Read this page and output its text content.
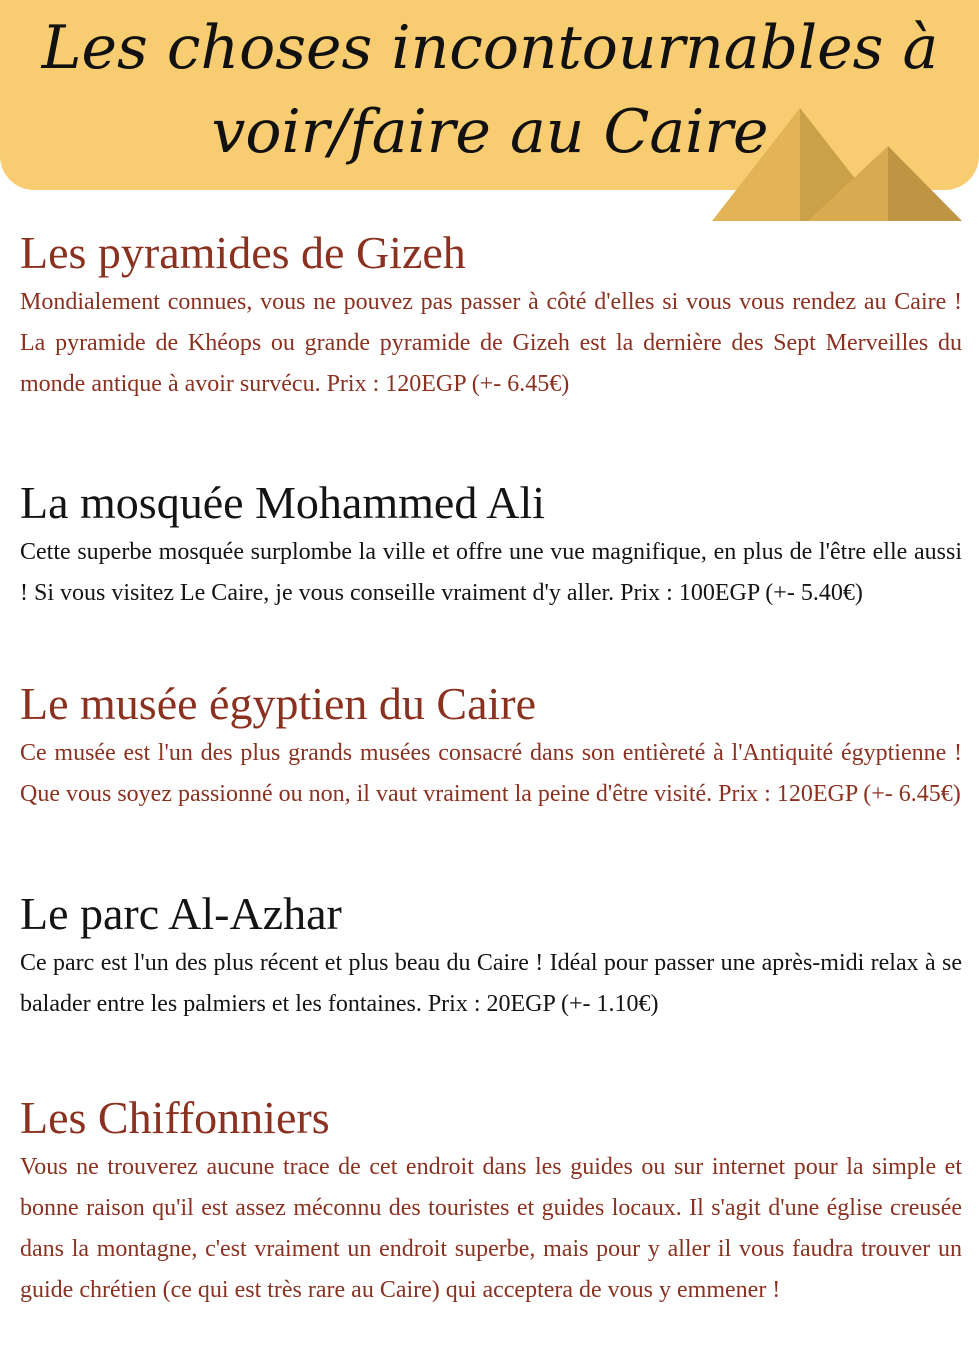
Les choses incontournables à
voir/faire au Caire
Les pyramides de Gizeh

Mondialement connues, vous ne pouvez pas passer à côté d'elles si vous vous rendez au Caire ! La pyramide de Khéops ou grande pyramide de Gizeh est la dernière des Sept Merveilles du monde antique à avoir survécu. Prix : 120EGP (+- 6.45€)

La mosquée Mohammed Ali

Cette superbe mosquée surplombe la ville et offre une vue magnifique, en plus de l'être elle aussi ! Si vous visitez Le Caire, je vous conseille vraiment d'y aller. Prix : 100EGP (+- 5.40€)

Le musée égyptien du Caire

Ce musée est l'un des plus grands musées consacré dans son entièreté à l'Antiquité égyptienne ! Que vous soyez passionné ou non, il vaut vraiment la peine d'être visité. Prix : 120EGP (+- 6.45€)

Le parc Al-Azhar

Ce parc est l'un des plus récent et plus beau du Caire ! Idéal pour passer une après-midi relax à se balader entre les palmiers et les fontaines. Prix : 20EGP (+- 1.10€)

Les Chiffonniers

Vous ne trouverez aucune trace de cet endroit dans les guides ou sur internet pour la simple et bonne raison qu'il est assez méconnu des touristes et guides locaux. Il s'agit d'une église creusée dans la montagne, c'est vraiment un endroit superbe, mais pour y aller il vous faudra trouver un guide chrétien (ce qui est très rare au Caire) qui acceptera de vous y emmener !
